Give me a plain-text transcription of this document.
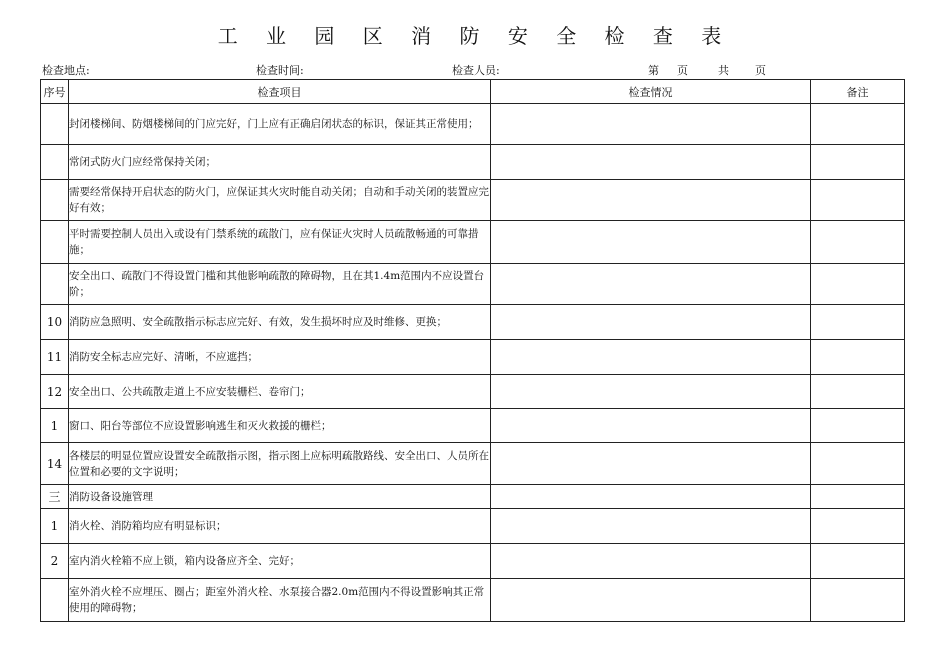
工 业 园 区 消 防 安 全 检 查 表
检查地点:	检查时间:	检查人员:	第 页	共 页
序号	检查项目	检查情况	备注
	封闭楼梯间、防烟楼梯间的门应完好，门上应有正确启闭状态的标识，保证其正常使用；		
	常闭式防火门应经常保持关闭；		
	需要经常保持开启状态的防火门，应保证其火灾时能自动关闭；自动和手动关闭的装置应完好有效；		
	平时需要控制人员出入或设有门禁系统的疏散门，应有保证火灾时人员疏散畅通的可靠措施；		
	安全出口、疏散门不得设置门槛和其他影响疏散的障碍物，且在其1.4m范围内不应设置台阶；		
10	消防应急照明、安全疏散指示标志应完好、有效，发生损坏时应及时维修、更换；		
11	消防安全标志应完好、清晰，不应遮挡；		
12	安全出口、公共疏散走道上不应安装栅栏、卷帘门；		
1	窗口、阳台等部位不应设置影响逃生和灭火救援的栅栏；		
14	各楼层的明显位置应设置安全疏散指示图，指示图上应标明疏散路线、安全出口、人员所在位置和必要的文字说明；		
三	消防设备设施管理		
1	消火栓、消防箱均应有明显标识；		
2	室内消火栓箱不应上锁，箱内设备应齐全、完好；		
	室外消火栓不应埋压、圈占；距室外消火栓、水泵接合器2.0m范围内不得设置影响其正常使用的障碍物；		
